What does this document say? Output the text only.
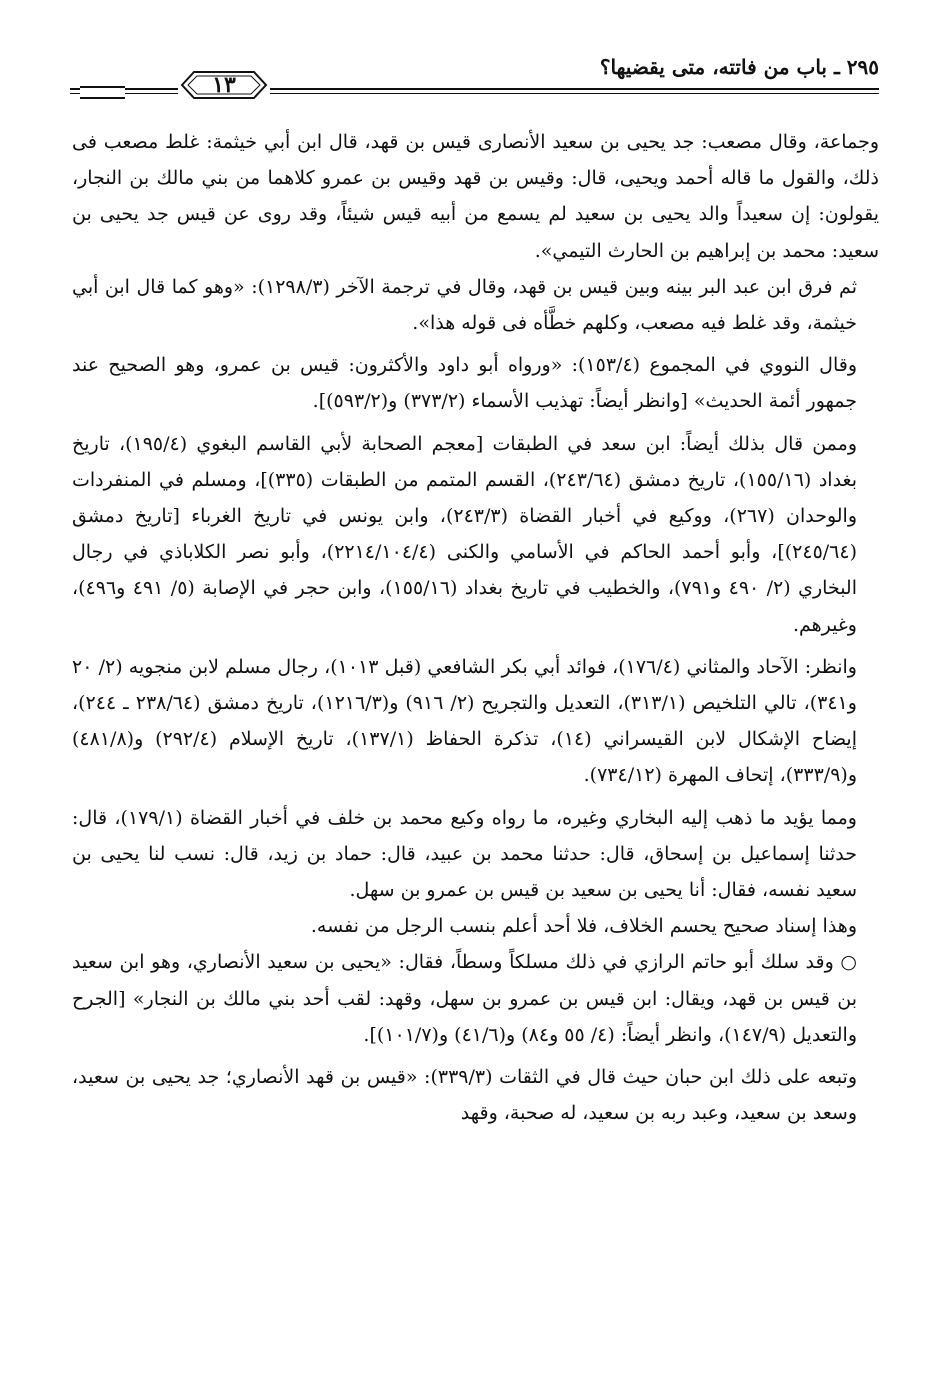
٢٩٥ ـ باب من فاتته، متى يقضيها؟
١٣

وجماعة، وقال مصعب: جد يحيى بن سعيد الأنصارى قيس بن قهد، قال ابن أبي خيثمة: غلط مصعب فى ذلك، والقول ما قاله أحمد ويحيى، قال: وقيس بن قهد وقيس بن عمرو كلاهما من بني مالك بن النجار، يقولون: إن سعيداً والد يحيى بن سعيد لم يسمع من أبيه قيس شيئاً، وقد روى عن قيس جد يحيى بن سعيد: محمد بن إبراهيم بن الحارث التيمي».

ثم فرق ابن عبد البر بينه وبين قيس بن قهد، وقال في ترجمة الآخر (١٢٩٨/٣): «وهو كما قال ابن أبي خيثمة، وقد غلط فيه مصعب، وكلهم خطَّأه فى قوله هذا».

وقال النووي في المجموع (١٥٣/٤): «ورواه أبو داود والأكثرون: قيس بن عمرو، وهو الصحيح عند جمهور أئمة الحديث» [وانظر أيضاً: تهذيب الأسماء (٣٧٣/٢) و(٥٩٣/٢)].

وممن قال بذلك أيضاً: ابن سعد في الطبقات [معجم الصحابة لأبي القاسم البغوي (١٩٥/٤)، تاريخ بغداد (١٥٥/١٦)، تاريخ دمشق (٢٤٣/٦٤)، القسم المتمم من الطبقات (٣٣٥)]، ومسلم في المنفردات والوحدان (٢٦٧)، ووكيع في أخبار القضاة (٢٤٣/٣)، وابن يونس في تاريخ الغرباء [تاريخ دمشق (٢٤٥/٦٤)]، وأبو أحمد الحاكم في الأسامي والكنى (٢٢١٤/١٠٤/٤)، وأبو نصر الكلاباذي في رجال البخاري (٢/ ٤٩٠ و٧٩١)، والخطيب في تاريخ بغداد (١٥٥/١٦)، وابن حجر في الإصابة (٥/ ٤٩١ و٤٩٦)، وغيرهم.

وانظر: الآحاد والمثاني (١٧٦/٤)، فوائد أبي بكر الشافعي (قبل ١٠١٣)، رجال مسلم لابن منجويه (٢/ ٢٠ و٣٤١)، تالي التلخيص (٣١٣/١)، التعديل والتجريح (٢/ ٩١٦) و(١٢١٦/٣)، تاريخ دمشق (٢٣٨/٦٤ ـ ٢٤٤)، إيضاح الإشكال لابن القيسراني (١٤)، تذكرة الحفاظ (١٣٧/١)، تاريخ الإسلام (٢٩٢/٤) و(٤٨١/٨) و(٣٣٣/٩)، إتحاف المهرة (٧٣٤/١٢).

ومما يؤيد ما ذهب إليه البخاري وغيره، ما رواه وكيع محمد بن خلف في أخبار القضاة (١٧٩/١)، قال: حدثنا إسماعيل بن إسحاق، قال: حدثنا محمد بن عبيد، قال: حماد بن زيد، قال: نسب لنا يحيى بن سعيد نفسه، فقال: أنا يحيى بن سعيد بن قيس بن عمرو بن سهل.

وهذا إسناد صحيح يحسم الخلاف، فلا أحد أعلم بنسب الرجل من نفسه.

○ وقد سلك أبو حاتم الرازي في ذلك مسلكاً وسطاً، فقال: «يحيى بن سعيد الأنصاري، وهو ابن سعيد بن قيس بن قهد، ويقال: ابن قيس بن عمرو بن سهل، وقهد: لقب أحد بني مالك بن النجار» [الجرح والتعديل (١٤٧/٩)، وانظر أيضاً: (٤/ ٥٥ و٨٤) و(٤١/٦) و(١٠١/٧)].

وتبعه على ذلك ابن حبان حيث قال في الثقات (٣٣٩/٣): «قيس بن قهد الأنصاري؛ جد يحيى بن سعيد، وسعد بن سعيد، وعبد ربه بن سعيد، له صحبة، وقهد
